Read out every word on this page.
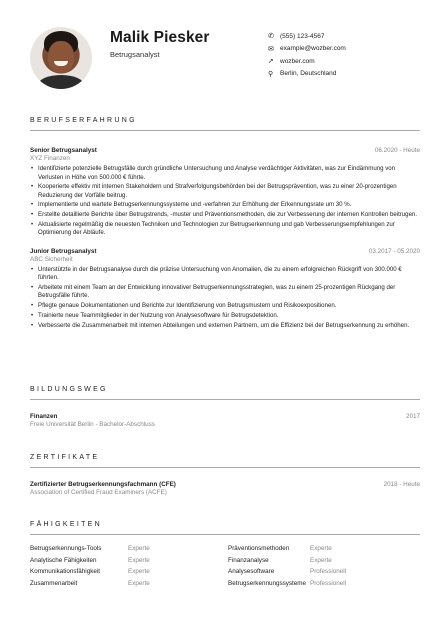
Malik Piesker
Betrugsanalyst
✆ (555) 123-4567
✉ example@wozber.com
➚ wozber.com
⚲	Berlin, Deutschland
BERUFSERFAHRUNG
Senior Betrugsanalyst	06.2020 - Heute
XYZ Finanzen
• Identifizierte potenzielle Betrugsfälle durch gründliche Untersuchung und Analyse verdächtiger Aktivitäten, was zur Eindämmung von Verlusten in Höhe von 500.000 € führte.
• Kooperierte effektiv mit internen Stakeholdern und Strafverfolgungsbehörden bei der Betrugsprävention, was zu einer 20-prozentigen Reduzierung der Vorfälle beitrug.
• Implementierte und wartete Betrugserkennungssysteme und -verfahren zur Erhöhung der Erkennungsrate um 30 %.
• Erstellte detaillierte Berichte über Betrugstrends, -muster und Präventionsmethoden, die zur Verbesserung der internen Kontrollen beitrugen.
• Aktualisierte regelmäßig die neuesten Techniken und Technologien zur Betrugserkennung und gab Verbesserungsempfehlungen zur Optimierung der Abläufe.
Junior Betrugsanalyst	03.2017 - 05.2020
ABC Sicherheit
• Unterstützte in der Betrugsanalyse durch die präzise Untersuchung von Anomalien, die zu einem erfolgreichen Rückgriff von 300.000 € führten.
• Arbeitete mit einem Team an der Entwicklung innovativer Betrugserkennungsstrategien, was zu einem 25-prozentigen Rückgang der Betrugsfälle führte.
• Pflegte genaue Dokumentationen und Berichte zur Identifizierung von Betrugsmustern und Risikoexpositionen.
• Trainierte neue Teammitglieder in der Nutzung von Analysesoftware für Betrugsdetektion.
• Verbesserte die Zusammenarbeit mit internen Abteilungen und externen Partnern, um die Effizienz bei der Betrugserkennung zu erhöhen.
BILDUNGSWEG
Finanzen	2017
Freie Universität Berlin - Bachelor-Abschluss
ZERTIFIKATE
Zertifizierter Betrugserkennungsfachmann (CFE)	2018 - Heute
Association of Certified Fraud Examiners (ACFE)
FÄHIGKEITEN
Betrugserkennungs-Tools	Experte	Präventionsmethoden	Experte
Analytische Fähigkeiten	Experte	Finanzanalyse	Experte
Kommunikationsfähigkeit	Experte	Analysesoftware	Professionell
Zusammenarbeit	Experte	Betrugserkennungssysteme Professionell
